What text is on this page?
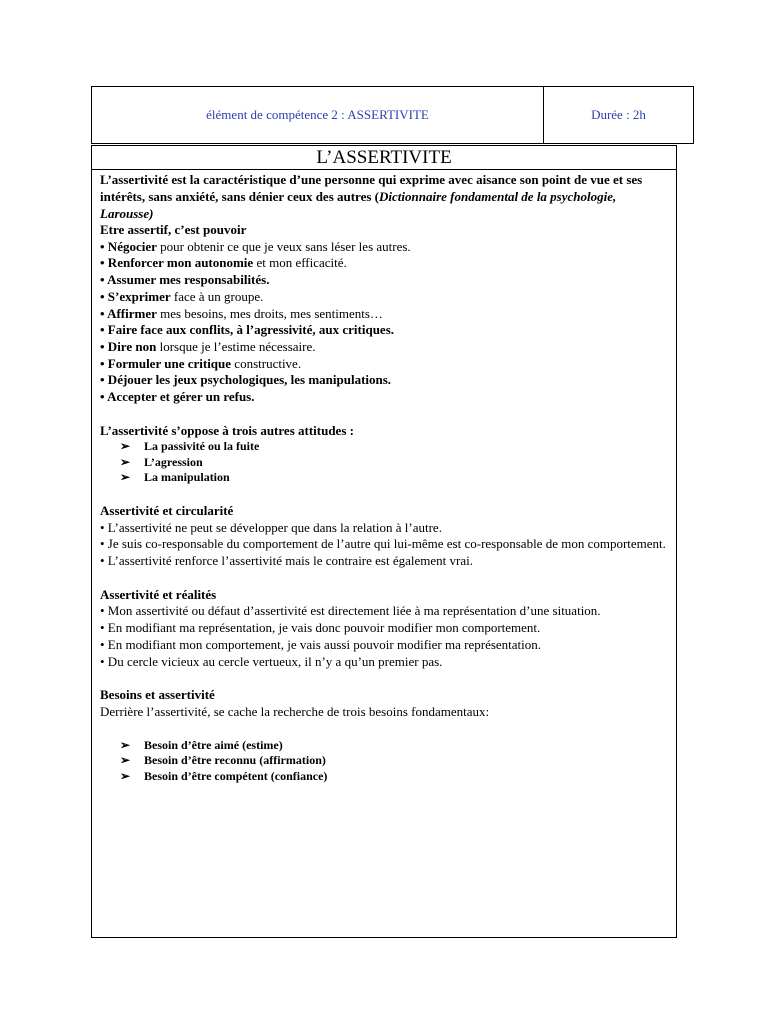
élément de compétence 2 : ASSERTIVITE	Durée : 2h
L’ASSERTIVITE

L’assertivité est la caractéristique d’une personne qui exprime avec aisance son point de vue et ses intérêts, sans anxiété, sans dénier ceux des autres (Dictionnaire fondamental de la psychologie, Larousse)

Etre assertif, c’est pouvoir

• Négocier pour obtenir ce que je veux sans léser les autres.

• Renforcer mon autonomie et mon efficacité.

• Assumer mes responsabilités.

• S’exprimer face à un groupe.

• Affirmer mes besoins, mes droits, mes sentiments…

• Faire face aux conflits, à l’agressivité, aux critiques.

• Dire non lorsque je l’estime nécessaire.

• Formuler une critique constructive.

• Déjouer les jeux psychologiques, les manipulations.

• Accepter et gérer un refus.

L’assertivité s’oppose à trois autres attitudes :

➢ La passivité ou la fuite
➢ L’agression
➢ La manipulation

Assertivité et circularité

• L’assertivité ne peut se développer que dans la relation à l’autre.

• Je suis co-responsable du comportement de l’autre qui lui-même est co-responsable de mon comportement.

• L’assertivité renforce l’assertivité mais le contraire est également vrai.

Assertivité et réalités

• Mon assertivité ou défaut d’assertivité est directement liée à ma représentation d’une situation.

• En modifiant ma représentation, je vais donc pouvoir modifier mon comportement.

• En modifiant mon comportement, je vais aussi pouvoir modifier ma représentation.

• Du cercle vicieux au cercle vertueux, il n’y a qu’un premier pas.

Besoins et assertivité

Derrière l’assertivité, se cache la recherche de trois besoins fondamentaux:

➢ Besoin d’être aimé (estime)
➢ Besoin d’être reconnu (affirmation)
➢ Besoin d’être compétent (confiance)
